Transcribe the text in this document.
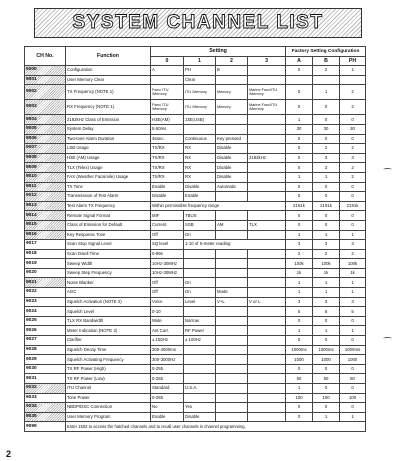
SYSTEM CHANNEL LIST
CH No.	Function	Setting				Factory Setting Configuration		
		0	1	2	3	A	B	PH
9000	Configuration	A	PH	B		0	2	1
9001	User Memory Clear		Clear					
9002	TX Frequency (NOTE 1)	Fsec/ ITU /Memory	ITU /Memory	Memory	Marine Fsec/ITU /Memory	0	1	2
9003	RX Frequency (NOTE 1)	Fsec/ ITU /Memory	ITU /Memory	Memory	Marine Fsec/ITU /Memory	0	0	2
9004	2182kHz Class of Emission	H3E(AM)	J3E(USB)			1	0	0
9005	System Delay	5-50ms				30	30	30
9006	Two-tone Alarm Duration	45sec.	Continuous	Key pressed		0	0	0
9007	LSB Usage	TX/RX	RX	Disable		0	2	2
9008	H3E (AM) Usage	TX/RX	RX	Disable	2182kHz	0	3	3
9009	TLX (Telex) Usage	TX/RX	RX	Disable		0	2	2
9010	FAX (Weather Facsimile) Usage	TX/RX	RX	Disable		1	1	2
9011	TX Tone	Enable	Disable	Automatic		0	0	0
9012	Transmission of Test Alarm	Disable	Enable			0	0	0
9013	Test Alarm TX Frequency	Within permissible frequency range				2191k	2191k	2191k
9014	Remote Signal Format	MIF	TBUS			0	0	0
9015	Class of Emission for Default	Current	SSB	AM	TLX	0	0	0
9016	Key Response Tone	Off	On			1	1	1
9017	Scan Stop Signal Level	SQ level	1-10 of S-meter reading			3	3	3
9018	Scan Dwell Time	0-99s				2	2	2
9019	Sweep Width	10Hz-30MHz				100k	100k	100k
9020	Sweep Step Frequency	10Hz-30MHz				1k	1k	1k
9021	Noise Blanker	Off	On			1	1	1
9022	AGC	Off	On	Mode		1	1	1
9023	Squelch Activation (NOTE 2)	Voice	Level	V+L	V or L	3	3	3
9024	Squelch Level	0-10				5	5	5
9025	TLX RX Bandwidth	Wide	Narrow			0	0	0
9026	Meter Indication (NOTE 3)	Ant Curr.	RF Power			1	1	1
9027	Clarifier	± 150Hz	± 100Hz			0	0	0
9028	Squelch Decay Time	300-4000ms				1000ms	1000ms	1000ms
9029	Squelch Activating Frequency	300-3000Hz				1000	1000	1000
9030	TX RF Power (High)	0-255				0	0	0
9031	TX RF Power (Low)	0-255				50	50	50
9032	ITU Channel	Standard	U.S.A.			1	0	0
9033	Tone Power	0-255				100	100	100
9034	NBDP/DSC Connection	No	Yes			0	0	0
9035	User Memory Program	Enable	Disable			0	1	1
9099	Enter 1502 to access the hatched channels and to recall user channels in channel programming.							
2
